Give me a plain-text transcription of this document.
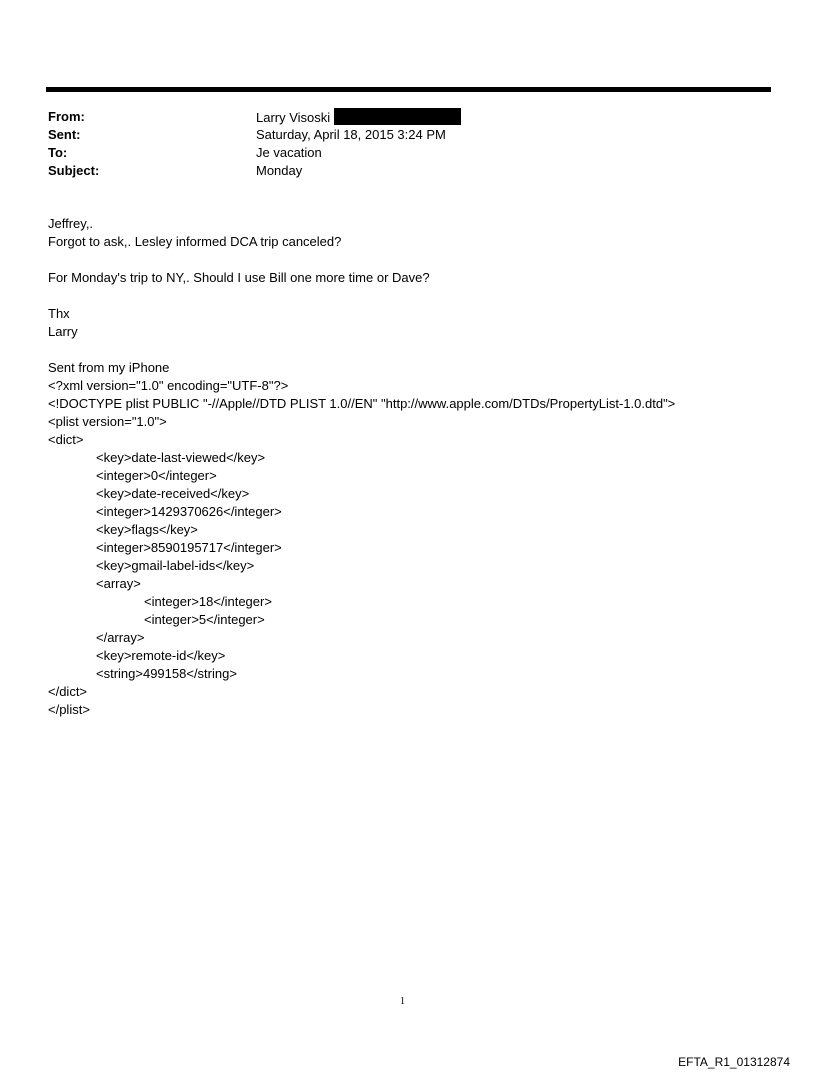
From:	Larry Visoski
Sent:	Saturday, April 18, 2015 3:24 PM
To:	Je vacation
Subject:	Monday
Jeffrey,.
Forgot to ask,. Lesley informed DCA trip canceled?
For Monday's trip to NY,. Should I use Bill one more time or Dave?
Thx
Larry
Sent from my iPhone
<?xml version="1.0" encoding="UTF-8"?>
<!DOCTYPE plist PUBLIC "-//Apple//DTD PLIST 1.0//EN" "http://www.apple.com/DTDs/PropertyList-1.0.dtd">
<plist version="1.0">
<dict>
<key>date-last-viewed</key>
<integer>0</integer>
<key>date-received</key>
<integer>1429370626</integer>
<key>flags</key>
<integer>8590195717</integer>
<key>gmail-label-ids</key>
<array>
<integer>18</integer>
<integer>5</integer>
</array>
<key>remote-id</key>
<string>499158</string>
</dict>
</plist>
1
EFTA_R1_01312874
